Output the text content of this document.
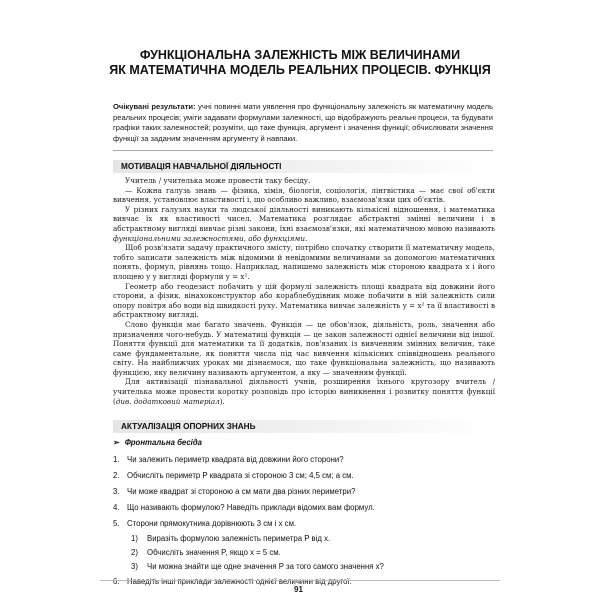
ФУНКЦІОНАЛЬНА ЗАЛЕЖНІСТЬ МІЖ ВЕЛИЧИНАМИ
ЯК МАТЕМАТИЧНА МОДЕЛЬ РЕАЛЬНИХ ПРОЦЕСІВ. ФУНКЦІЯ
Очікувані результати: учні повинні мати уявлення про функціональну залежність як математичну модель реальних процесів; уміти задавати формулами залежності, що відображують реальні процеси, та будувати графіки таких залежностей; розуміти, що таке функція, аргумент і значення функції; обчислювати значення функції за заданим значенням аргументу й навпаки.
МОТИВАЦІЯ НАВЧАЛЬНОЇ ДІЯЛЬНОСТІ

Учитель / учителька може провести таку бесіду.

— Кожна галузь знань — фізика, хімія, біологія, соціологія, лінгвістика — має свої об'єкти вивчення, установлює властивості і, що особливо важливо, взаємозв'язки цих об'єктів.

У різних галузях науки та людської діяльності виникають кількісні відношення, і математика вивчає їх як властивості чисел. Математика розглядає абстрактні змінні величини і в абстрактному вигляді вивчає різні закони, їхні взаємозв'язки, які математичною мовою називають функціональними залежностями, або функціями.

Щоб розв'язати задачу практичного змісту, потрібно спочатку створити її математичну модель, тобто записати залежність між відомими й невідомими величинами за допомогою математичних понять, формул, рівнянь тощо. Наприклад, напишемо залежність між стороною квадрата x і його площею y у вигляді формули y = x².

Геометр або геодезист побачить у цій формулі залежність площі квадрата від довжини його сторони, а фізик, вінахоконструктор або кораблебудівник може побачити в ній залежність сили опору повітря або води від швидкості руху. Математика вивчає залежність y = x² та її властивості в абстрактному вигляді.

Слово функція має багато значень. Функція — це обов'язок, діяльність, роль, значення або призначення чого-небудь. У математиці функція — це закон залежності однієї величини від іншої. Поняття функції для математики та її додатків, пов'язаних із вивченням змінних величин, таке саме фундаментальне, як поняття числа під час вивчення кількісних співвідношень реального світу. На найближчих уроках ми дізнаємося, що таке функціональна залежність, що називають функцією, яку величину називають аргументом, а яку — значенням функції.

Для активізації пізнавальної діяльності учнів, розширення їхнього кругозору вчитель / учителька може провести коротку розповідь про історію виникнення і розвитку поняття функції (див. додатковий матеріал).

АКТУАЛІЗАЦІЯ ОПОРНИХ ЗНАНЬ
➢ Фронтальна бесіда
1. Чи залежить периметр квадрата від довжини його сторони?
2. Обчисліть периметр P квадрата зі стороною 3 см; 4,5 см; a см.
3. Чи може квадрат зі стороною a см мати два різних периметри?
4. Що називають формулою? Наведіть приклади відомих вам формул.
5. Сторони прямокутника дорівнюють 3 см і x см.
1)	Виразіть формулою залежність периметра P від x.
2)	Обчисліть значення P, якщо x = 5 см.
3)	Чи можна знайти ще одне значення P за того самого значення x?
6. Наведіть інші приклади залежності однієї величини від другої.
91
